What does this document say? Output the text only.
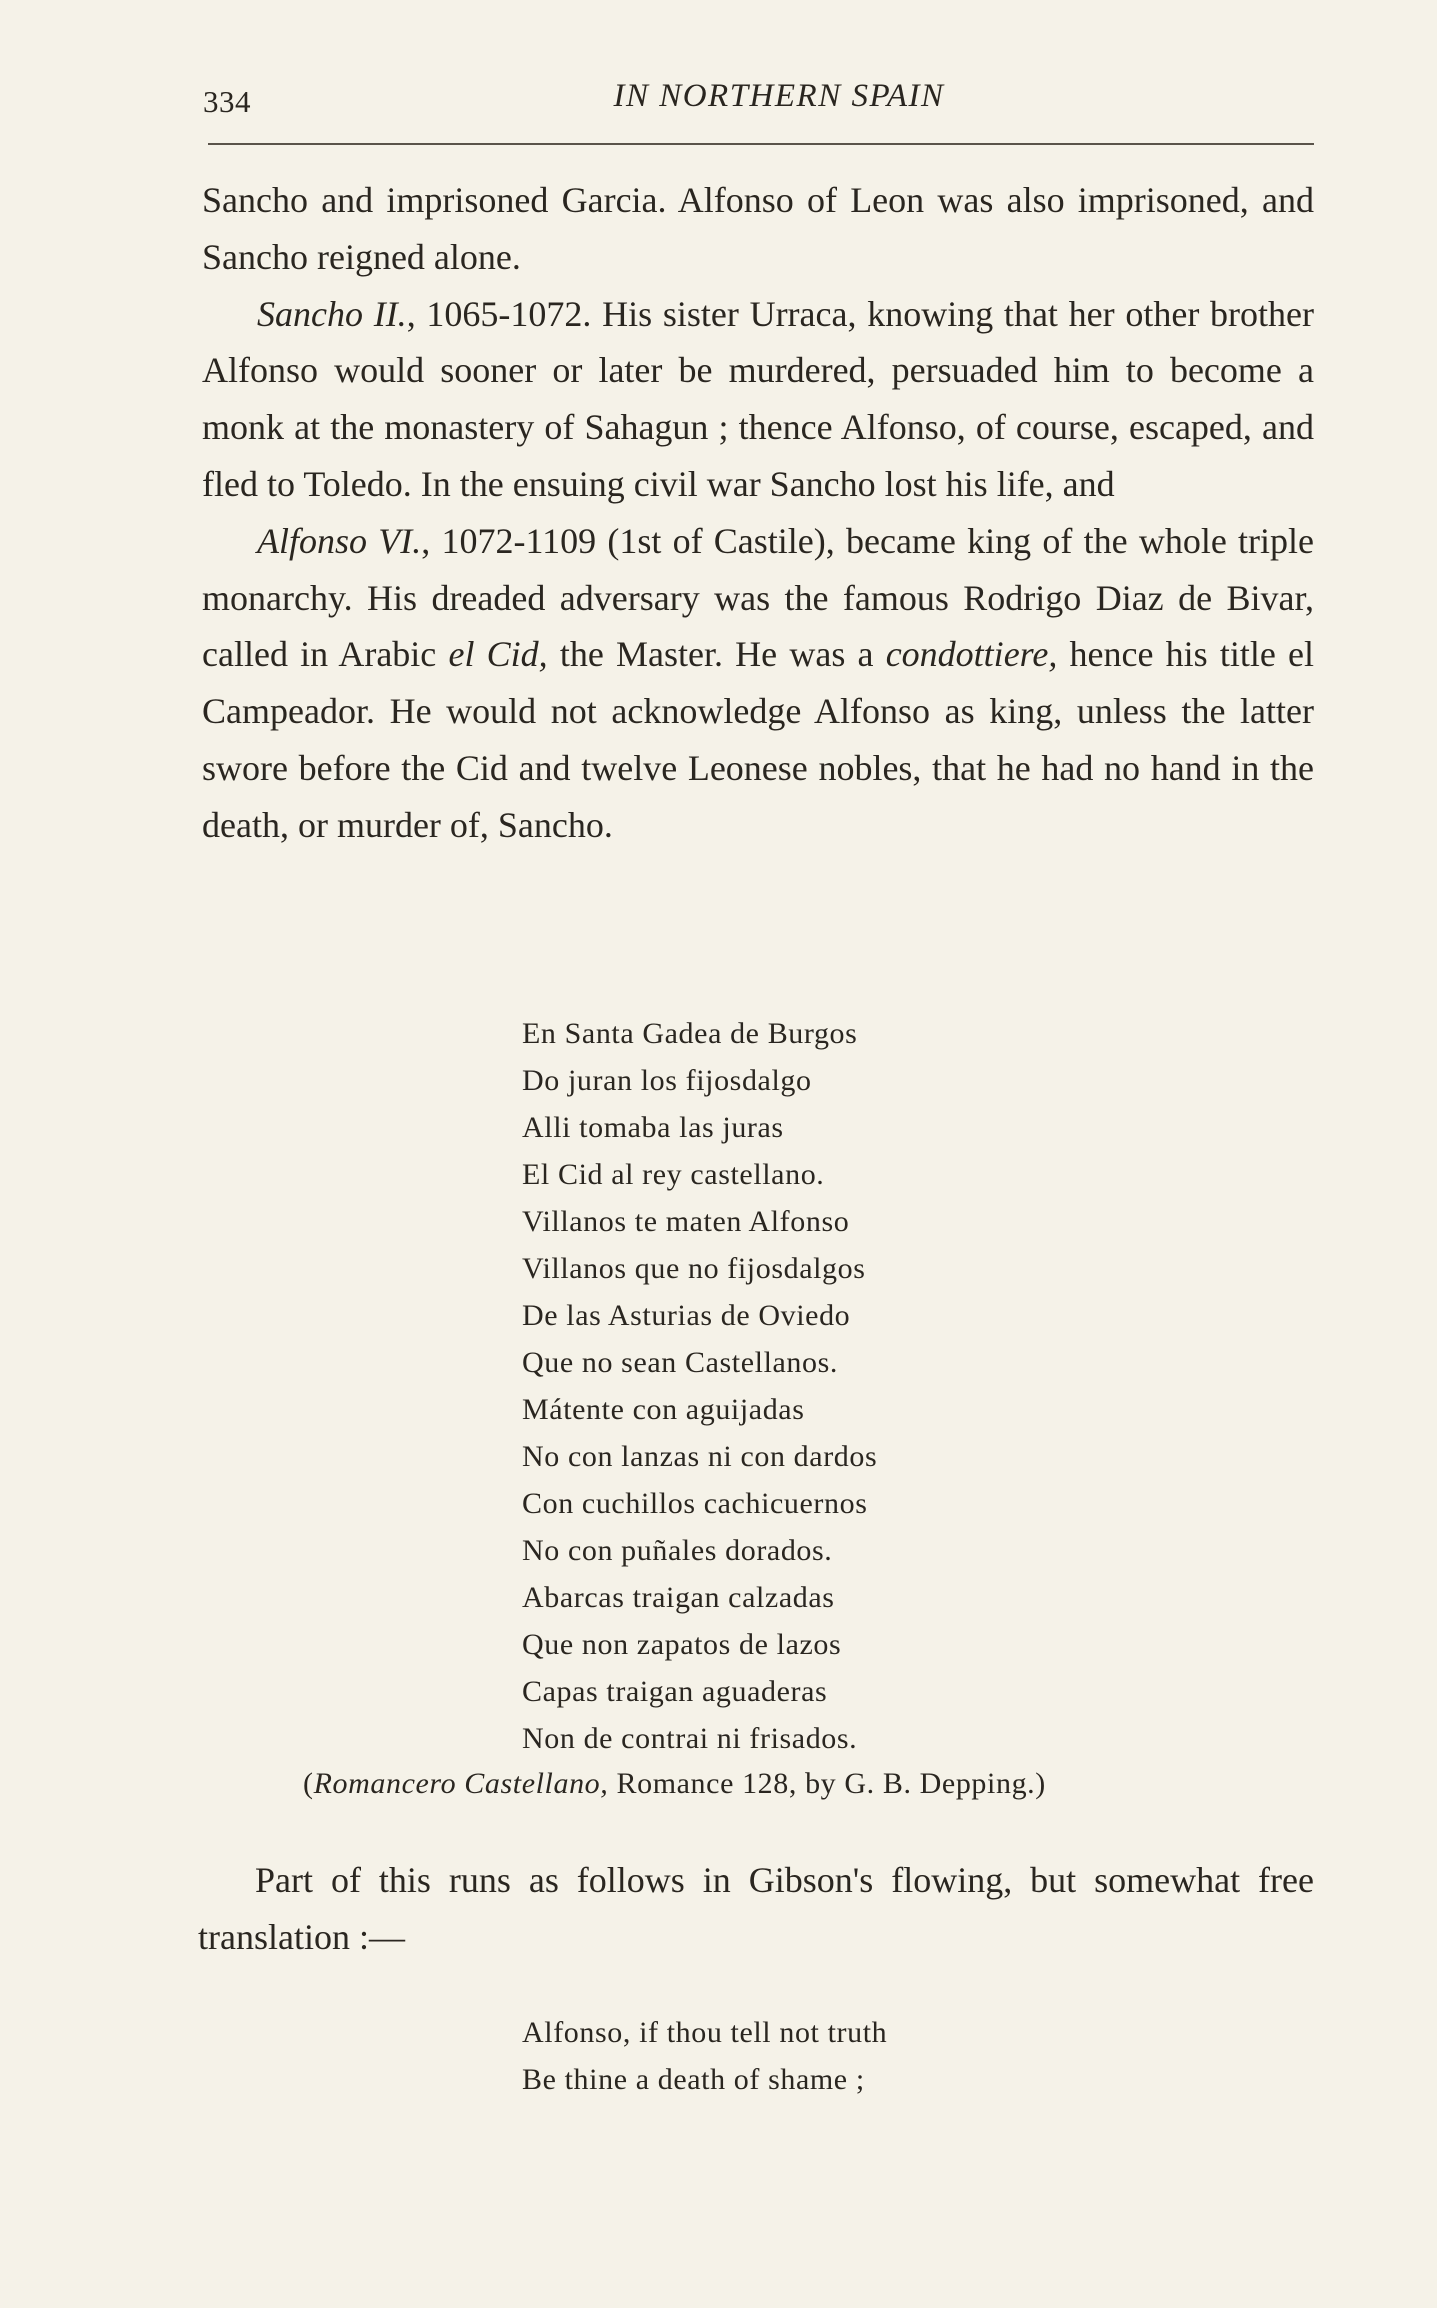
334	IN NORTHERN SPAIN

Sancho and imprisoned Garcia. Alfonso of Leon was also imprisoned, and Sancho reigned alone.

Sancho II., 1065-1072. His sister Urraca, knowing that her other brother Alfonso would sooner or later be murdered, persuaded him to become a monk at the monastery of Sahagun ; thence Alfonso, of course, escaped, and fled to Toledo. In the ensuing civil war Sancho lost his life, and

Alfonso VI., 1072-1109 (1st of Castile), became king of the whole triple monarchy. His dreaded adversary was the famous Rodrigo Diaz de Bivar, called in Arabic el Cid, the Master. He was a condottiere, hence his title el Campeador. He would not acknowledge Alfonso as king, unless the latter swore before the Cid and twelve Leonese nobles, that he had no hand in the death, or murder of, Sancho.

En Santa Gadea de Burgos
Do juran los fijosdalgo
Alli tomaba las juras
El Cid al rey castellano.
Villanos te maten Alfonso
Villanos que no fijosdalgos
De las Asturias de Oviedo
Que no sean Castellanos.
Mátente con aguijadas
No con lanzas ni con dardos
Con cuchillos cachicuernos
No con puñales dorados.
Abarcas traigan calzadas
Que non zapatos de lazos
Capas traigan aguaderas
Non de contrai ni frisados.
(Romancero Castellano, Romance 128, by G. B. Depping.)

Part of this runs as follows in Gibson's flowing, but somewhat free translation :—

Alfonso, if thou tell not truth
Be thine a death of shame ;
